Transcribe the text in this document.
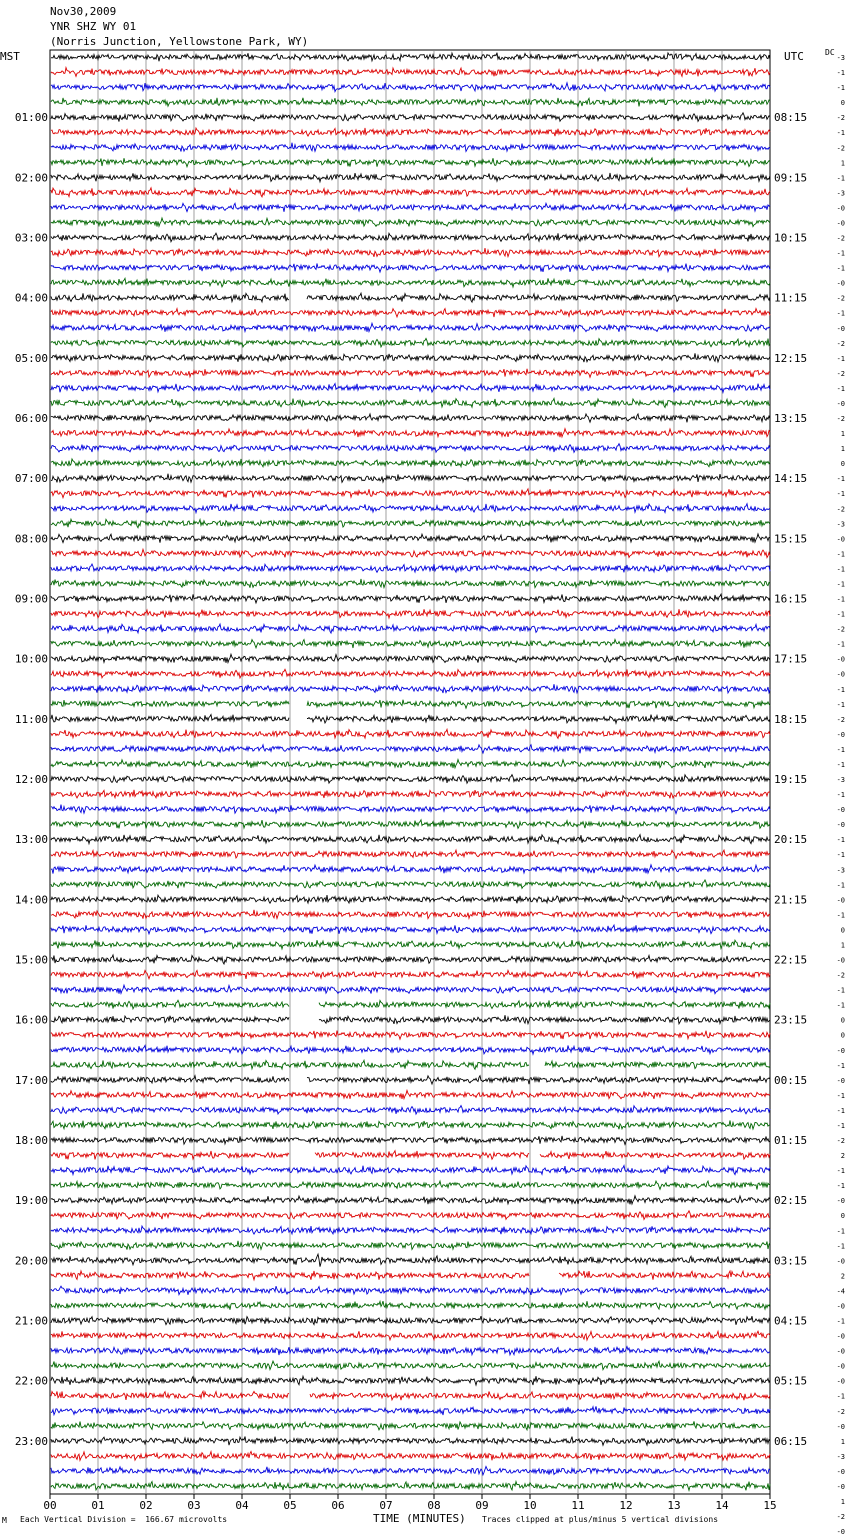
Nov30,2009
YNR SHZ WY 01
(Norris Junction, Yellowstone Park, WY)
MST	UTC	DC
01:00
02:00
03:00
04:00
05:00
06:00
07:00
08:00
09:00
10:00
11:00
12:00
13:00
14:00
15:00
16:00
17:00
18:00
19:00
20:00
21:00
22:00
23:00
08:15
09:15
10:15
11:15
12:15
13:15
14:15
15:15
16:15
17:15
18:15
19:15
20:15
21:15
22:15
23:15
00:15
01:15
02:15
03:15
04:15
05:15
06:15
-3
-1
-1
0
-2
-1
-2
1
-1
-3
-0
-0
-2
-1
-1
-0
-2
-1
-0
-2
-1
-2
-1
-0
-2
1
1
0
-1
-1
-2
-3
-0
-1
-1
-1
-1
-1
-2
-1
-0
-0
-1
-1
-2
-0
-1
-1
-3
-1
-0
-0
-1
-1
-3
-1
-0
-1
0
1
-0
-2
-1
-1
0
0
-0
-1
-0
-1
-1
-1
-2
2
-1
-1
-0
0
-1
-1
-0
2
-4
-0
-1
-0
-0
-0
-0
-1
-2
-0
1
-3
-0
-0
1
-2
-0
00	01	02	03	04	05	06	07	08	09	10	11	12	13	14	15
M Each Vertical Division =  166.67 microvolts	TIME (MINUTES) Traces clipped at plus/minus 5 vertical divisions
